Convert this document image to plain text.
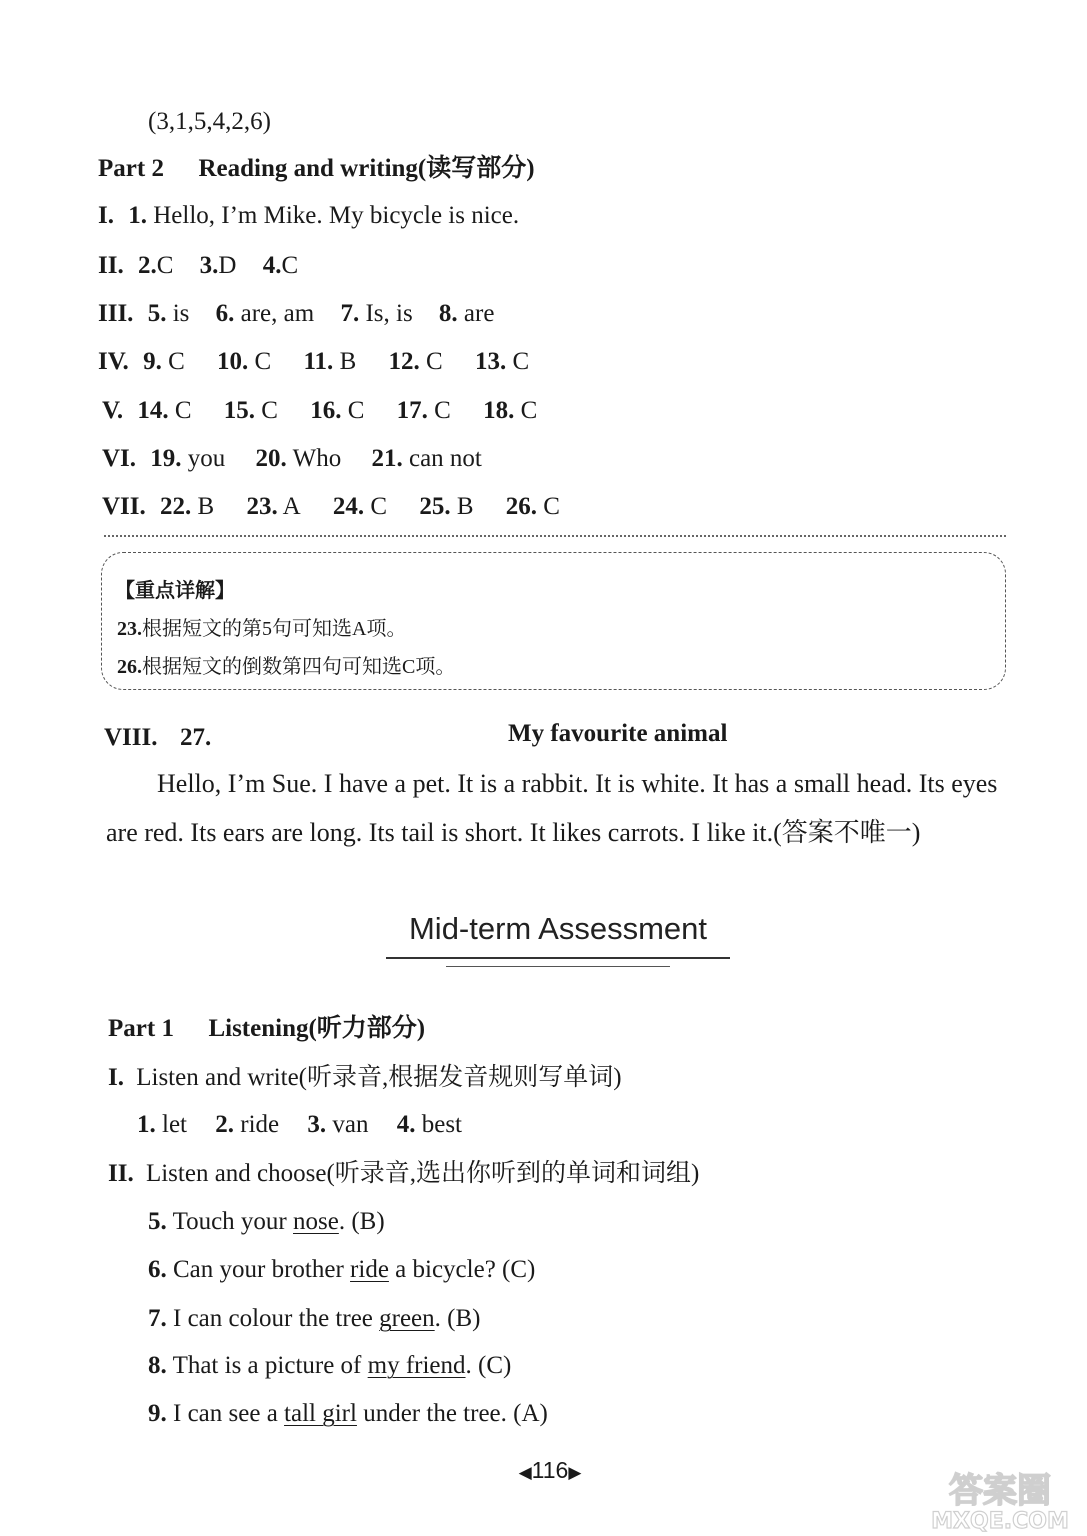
(3,1,5,4,2,6)
Part 2 Reading and writing(读写部分)
I. 1. Hello, I’m Mike. My bicycle is nice.
II. 2.C 3.D 4.C
III. 5. is 6. are, am 7. Is, is 8. are
IV. 9. C 10. C 11. B 12. C 13. C
V. 14. C 15. C 16. C 17. C 18. C
VI. 19. you 20. Who 21. can not
VII. 22. B 23. A 24. C 25. B 26. C
【重点详解】
23.根据短文的第5句可知选A项。
26.根据短文的倒数第四句可知选C项。
VIII. 27.	My favourite animal
Hello, I’m Sue. I have a pet. It is a rabbit. It is white. It has a small head. Its eyes
are red. Its ears are long. Its tail is short. It likes carrots. I like it.(答案不唯一)
Mid-term Assessment
Part 1 Listening(听力部分)
I. Listen and write(听录音,根据发音规则写单词)
1. let 2. ride 3. van 4. best
II. Listen and choose(听录音,选出你听到的单词和词组)
5. Touch your nose. (B)
6. Can your brother ride a bicycle? (C)
7. I can colour the tree green. (B)
8. That is a picture of my friend. (C)
9. I can see a tall girl under the tree. (A)
◀116▶	答案圈
MXQE.COM
